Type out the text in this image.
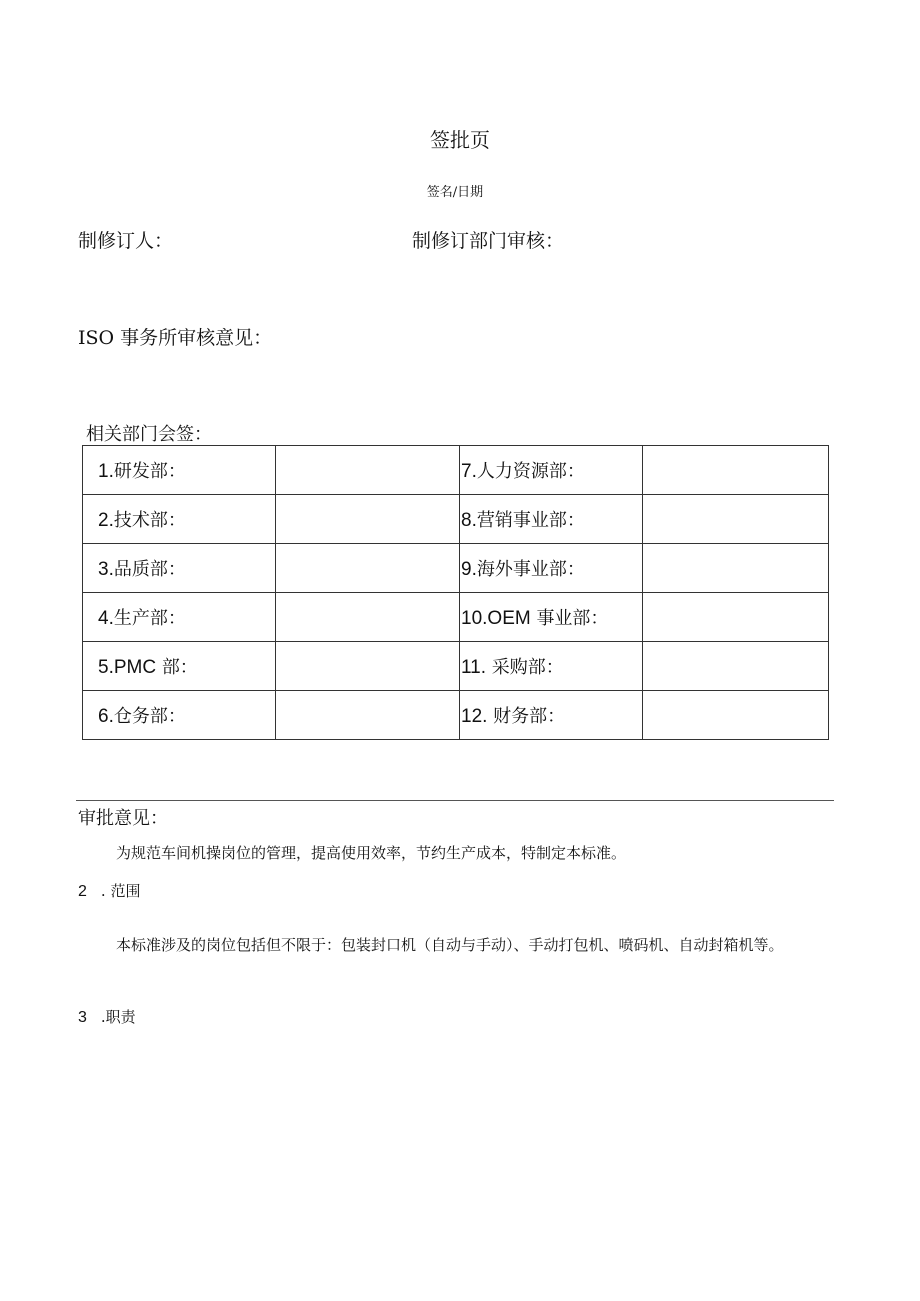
签批页
签名/日期
制修订人：	制修订部门审核：
ISO 事务所审核意见：
相关部门会签：
1.研发部：		7.人力资源部：	
2.技术部：		8.营销事业部：	
3.品质部：		9.海外事业部：	
4.生产部：		10.OEM 事业部：	
5.PMC 部：		11. 采购部：	
6.仓务部：		12. 财务部：	
审批意见：
为规范车间机操岗位的管理，提高使用效率，节约生产成本，特制定本标准。
2 . 范围
本标准涉及的岗位包括但不限于：包装封口机（自动与手动）、手动打包机、喷码机、自动封箱机等。
3 .职责
